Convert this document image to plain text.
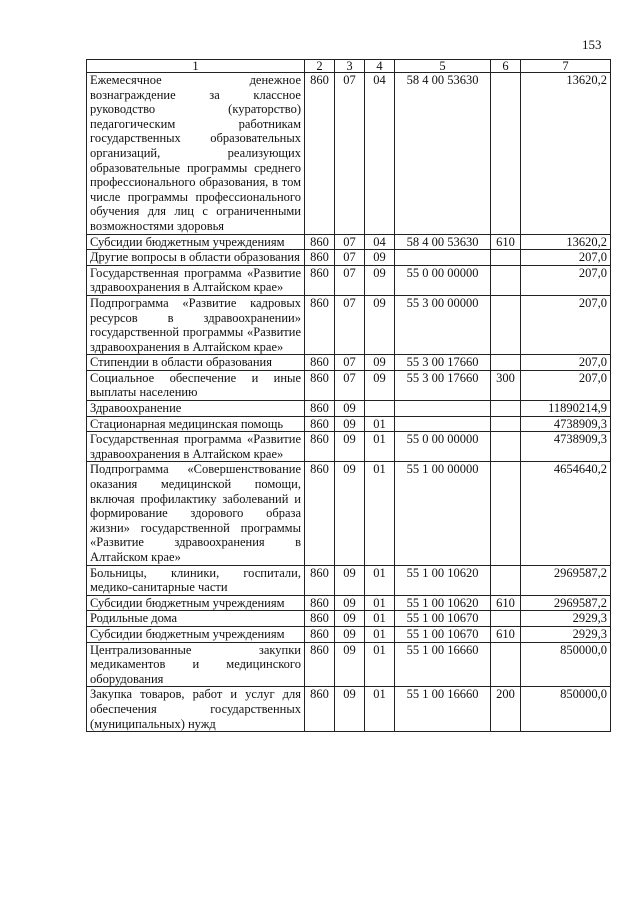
153
1	2	3	4	5	6	7
Ежемесячное денежное вознаграждение за классное руководство (кураторство) педагогическим работникам государственных образовательных организаций, реализующих образовательные программы среднего профессионального образования, в том числе программы профессионального обучения для лиц с ограниченными возможностями здоровья	860	07	04	58 4 00 53630		13620,2
Субсидии бюджетным учреждениям	860	07	04	58 4 00 53630	610	13620,2
Другие вопросы в области образования	860	07	09			207,0
Государственная программа «Развитие здравоохранения в Алтайском крае»	860	07	09	55 0 00 00000		207,0
Подпрограмма «Развитие кадровых ресурсов в здравоохранении» государственной программы «Развитие здравоохранения в Алтайском крае»	860	07	09	55 3 00 00000		207,0
Стипендии в области образования	860	07	09	55 3 00 17660		207,0
Социальное обеспечение и иные выплаты населению	860	07	09	55 3 00 17660	300	207,0
Здравоохранение	860	09				11890214,9
Стационарная медицинская помощь	860	09	01			4738909,3
Государственная программа «Развитие здравоохранения в Алтайском крае»	860	09	01	55 0 00 00000		4738909,3
Подпрограмма «Совершенствование оказания медицинской помощи, включая профилактику заболеваний и формирование здорового образа жизни» государственной программы «Развитие здравоохранения в Алтайском крае»	860	09	01	55 1 00 00000		4654640,2
Больницы, клиники, госпитали, медико-санитарные части	860	09	01	55 1 00 10620		2969587,2
Субсидии бюджетным учреждениям	860	09	01	55 1 00 10620	610	2969587,2
Родильные дома	860	09	01	55 1 00 10670		2929,3
Субсидии бюджетным учреждениям	860	09	01	55 1 00 10670	610	2929,3
Централизованные закупки медикаментов и медицинского оборудования	860	09	01	55 1 00 16660		850000,0
Закупка товаров, работ и услуг для обеспечения государственных (муниципальных) нужд	860	09	01	55 1 00 16660	200	850000,0
